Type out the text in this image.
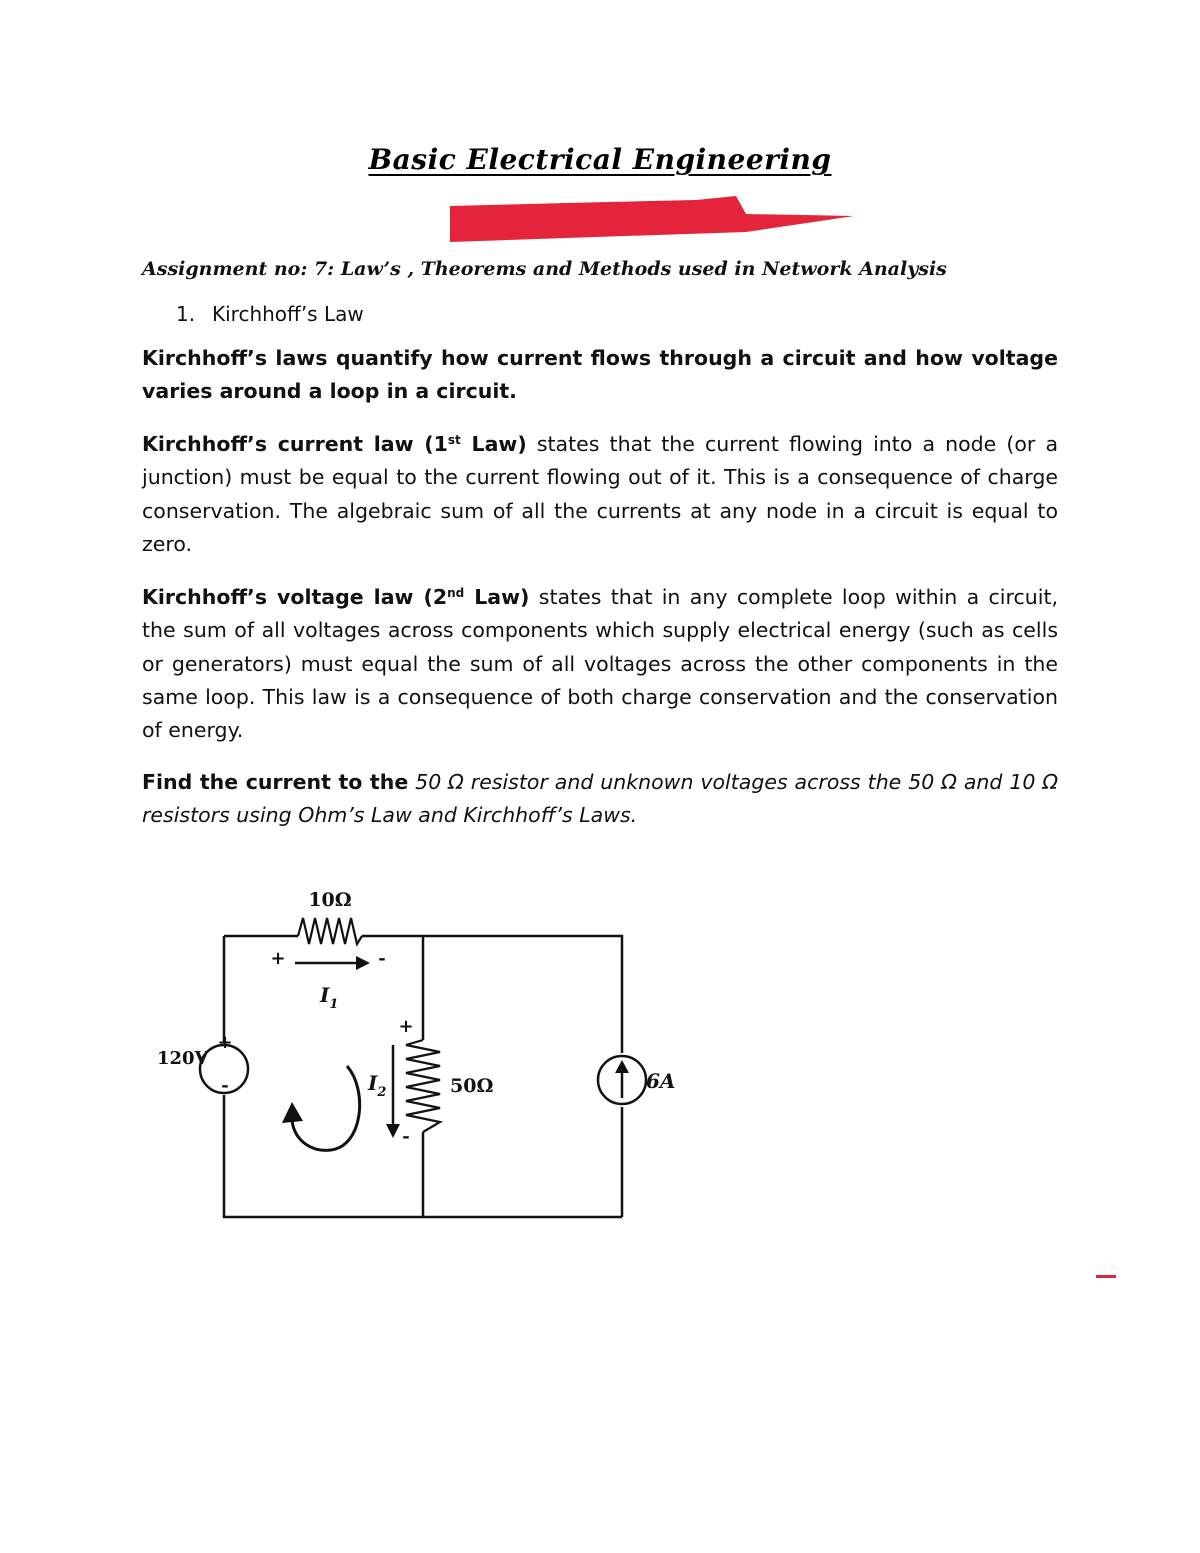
Basic Electrical Engineering
Assignment no: 7: Law’s , Theorems and Methods used in Network Analysis
1. Kirchhoff’s Law
Kirchhoff’s laws quantify how current flows through a circuit and how voltage varies around a loop in a circuit.
Kirchhoff’s current law (1st Law) states that the current flowing into a node (or a junction) must be equal to the current flowing out of it. This is a consequence of charge conservation. The algebraic sum of all the currents at any node in a circuit is equal to zero.
Kirchhoff’s voltage law (2nd Law) states that in any complete loop within a circuit, the sum of all voltages across components which supply electrical energy (such as cells or generators) must equal the sum of all voltages across the other components in the same loop. This law is a consequence of both charge conservation and the conservation of energy.
Find the current to the 50 Ω resistor and unknown voltages across the 50 Ω and 10 Ω resistors using Ohm’s Law and Kirchhoff’s Laws.
10Ω
+	-
$I_1$
120V
+
-
+
-
$I_2$	50Ω	6A
